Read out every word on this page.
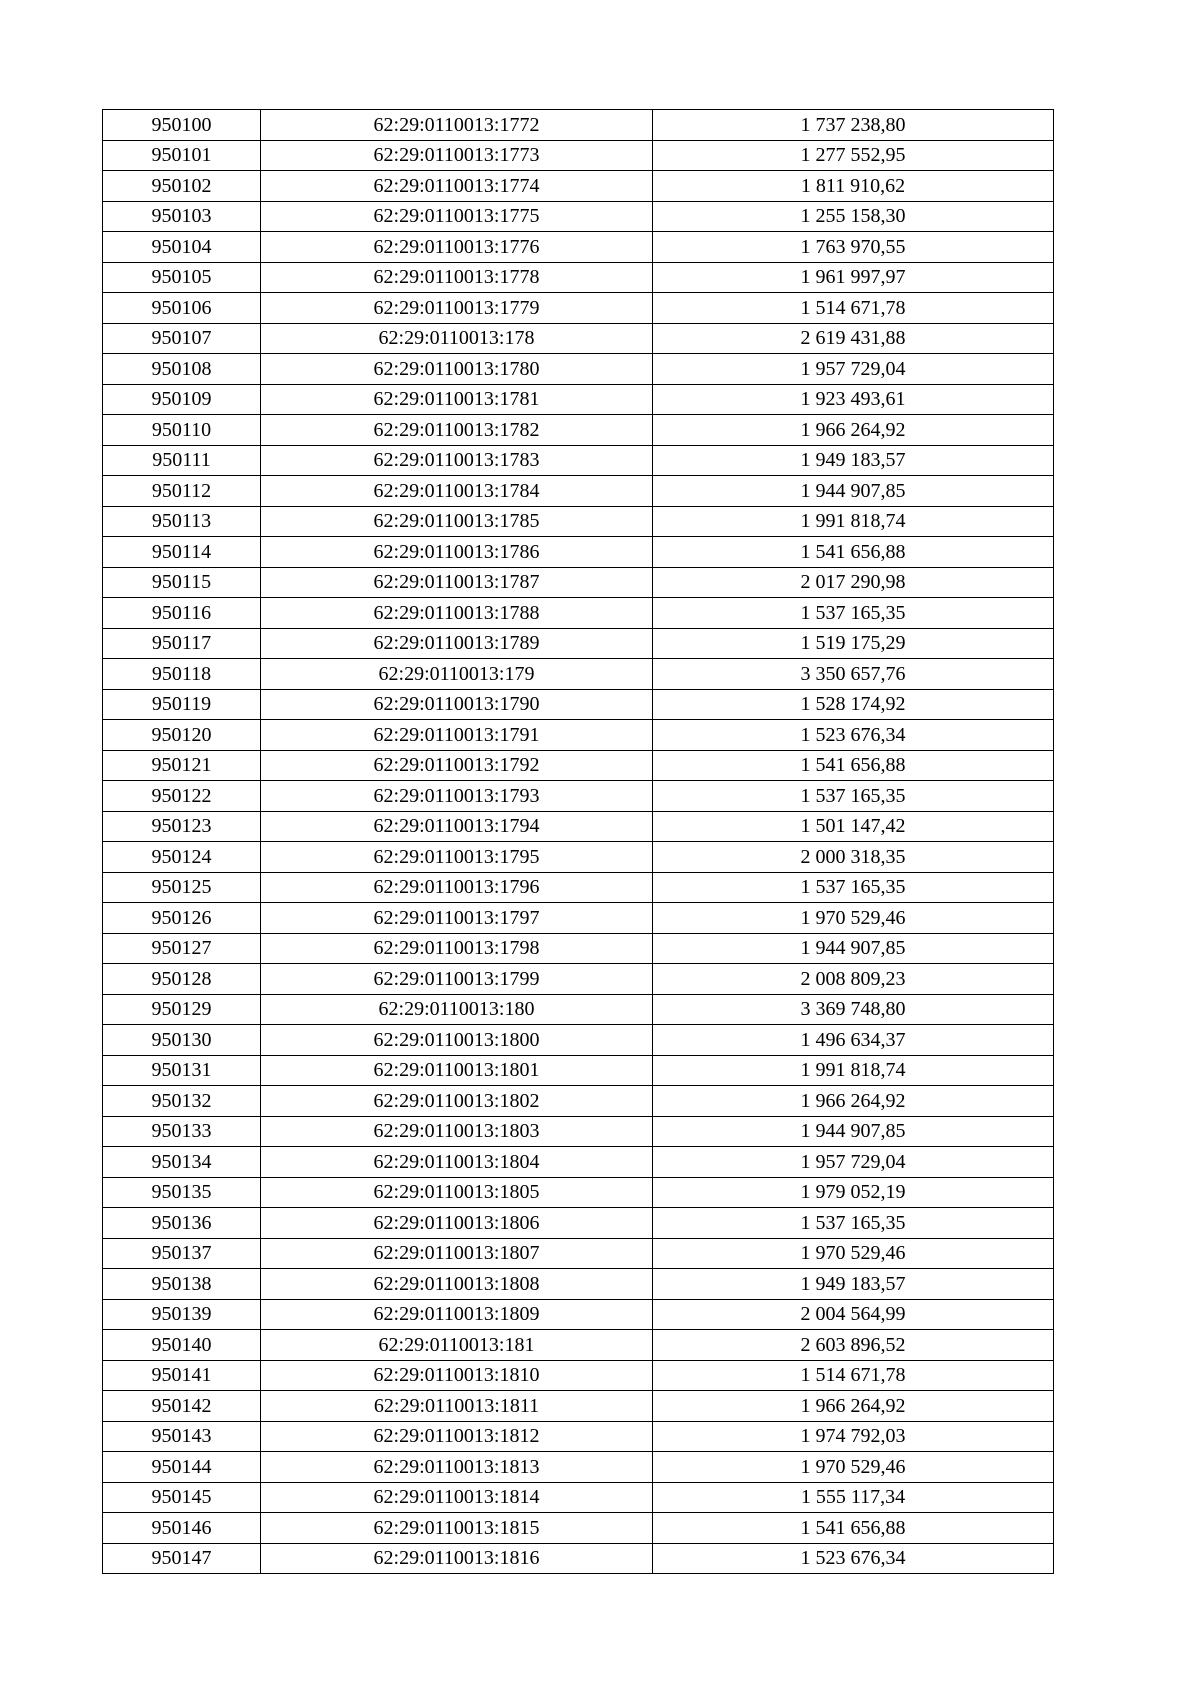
950100	62:29:0110013:1772	1 737 238,80
950101	62:29:0110013:1773	1 277 552,95
950102	62:29:0110013:1774	1 811 910,62
950103	62:29:0110013:1775	1 255 158,30
950104	62:29:0110013:1776	1 763 970,55
950105	62:29:0110013:1778	1 961 997,97
950106	62:29:0110013:1779	1 514 671,78
950107	62:29:0110013:178	2 619 431,88
950108	62:29:0110013:1780	1 957 729,04
950109	62:29:0110013:1781	1 923 493,61
950110	62:29:0110013:1782	1 966 264,92
950111	62:29:0110013:1783	1 949 183,57
950112	62:29:0110013:1784	1 944 907,85
950113	62:29:0110013:1785	1 991 818,74
950114	62:29:0110013:1786	1 541 656,88
950115	62:29:0110013:1787	2 017 290,98
950116	62:29:0110013:1788	1 537 165,35
950117	62:29:0110013:1789	1 519 175,29
950118	62:29:0110013:179	3 350 657,76
950119	62:29:0110013:1790	1 528 174,92
950120	62:29:0110013:1791	1 523 676,34
950121	62:29:0110013:1792	1 541 656,88
950122	62:29:0110013:1793	1 537 165,35
950123	62:29:0110013:1794	1 501 147,42
950124	62:29:0110013:1795	2 000 318,35
950125	62:29:0110013:1796	1 537 165,35
950126	62:29:0110013:1797	1 970 529,46
950127	62:29:0110013:1798	1 944 907,85
950128	62:29:0110013:1799	2 008 809,23
950129	62:29:0110013:180	3 369 748,80
950130	62:29:0110013:1800	1 496 634,37
950131	62:29:0110013:1801	1 991 818,74
950132	62:29:0110013:1802	1 966 264,92
950133	62:29:0110013:1803	1 944 907,85
950134	62:29:0110013:1804	1 957 729,04
950135	62:29:0110013:1805	1 979 052,19
950136	62:29:0110013:1806	1 537 165,35
950137	62:29:0110013:1807	1 970 529,46
950138	62:29:0110013:1808	1 949 183,57
950139	62:29:0110013:1809	2 004 564,99
950140	62:29:0110013:181	2 603 896,52
950141	62:29:0110013:1810	1 514 671,78
950142	62:29:0110013:1811	1 966 264,92
950143	62:29:0110013:1812	1 974 792,03
950144	62:29:0110013:1813	1 970 529,46
950145	62:29:0110013:1814	1 555 117,34
950146	62:29:0110013:1815	1 541 656,88
950147	62:29:0110013:1816	1 523 676,34
